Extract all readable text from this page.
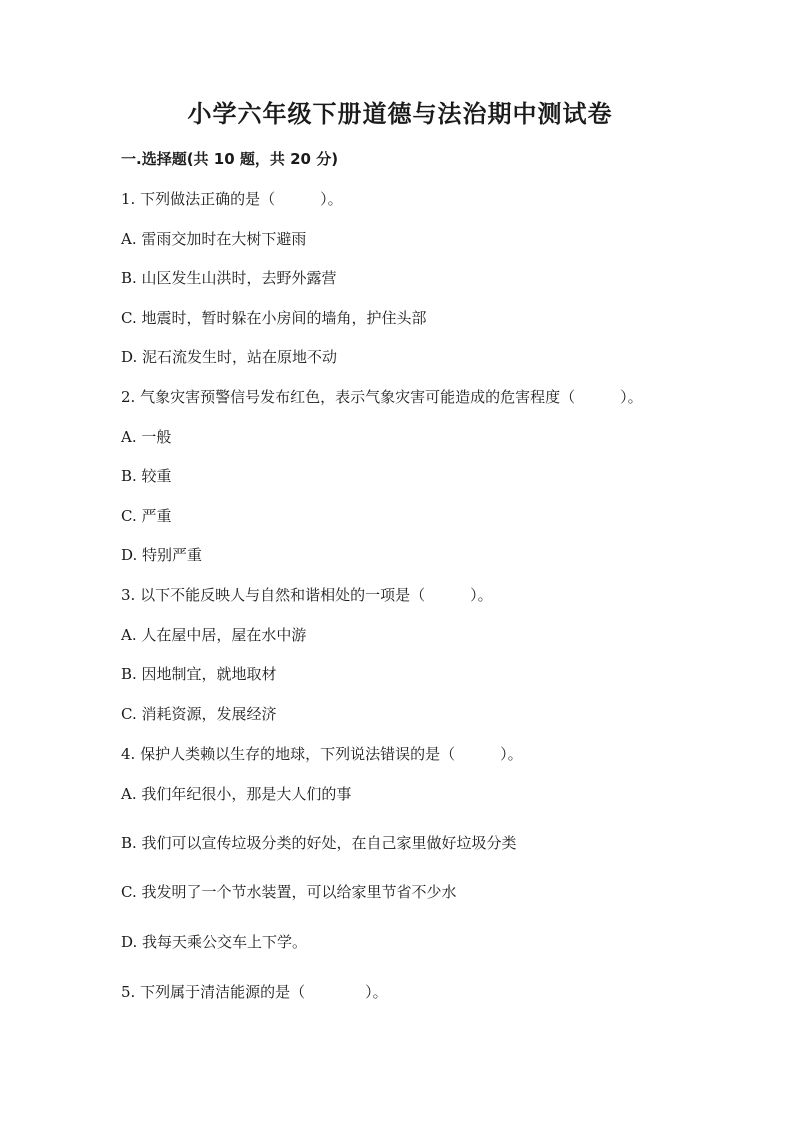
小学六年级下册道德与法治期中测试卷
一.选择题(共 10 题，共 20 分)
1. 下列做法正确的是（　　　）。
A. 雷雨交加时在大树下避雨
B. 山区发生山洪时，去野外露营
C. 地震时，暂时躲在小房间的墙角，护住头部
D. 泥石流发生时，站在原地不动
2. 气象灾害预警信号发布红色，表示气象灾害可能造成的危害程度（　　　）。
A. 一般
B. 较重
C. 严重
D. 特别严重
3. 以下不能反映人与自然和谐相处的一项是（　　　）。
A. 人在屋中居，屋在水中游
B. 因地制宜，就地取材
C. 消耗资源，发展经济
4. 保护人类赖以生存的地球，下列说法错误的是（　　　）。
A. 我们年纪很小，那是大人们的事
B. 我们可以宣传垃圾分类的好处，在自己家里做好垃圾分类
C. 我发明了一个节水装置，可以给家里节省不少水
D. 我每天乘公交车上下学。
5. 下列属于清洁能源的是（　　　　）。
